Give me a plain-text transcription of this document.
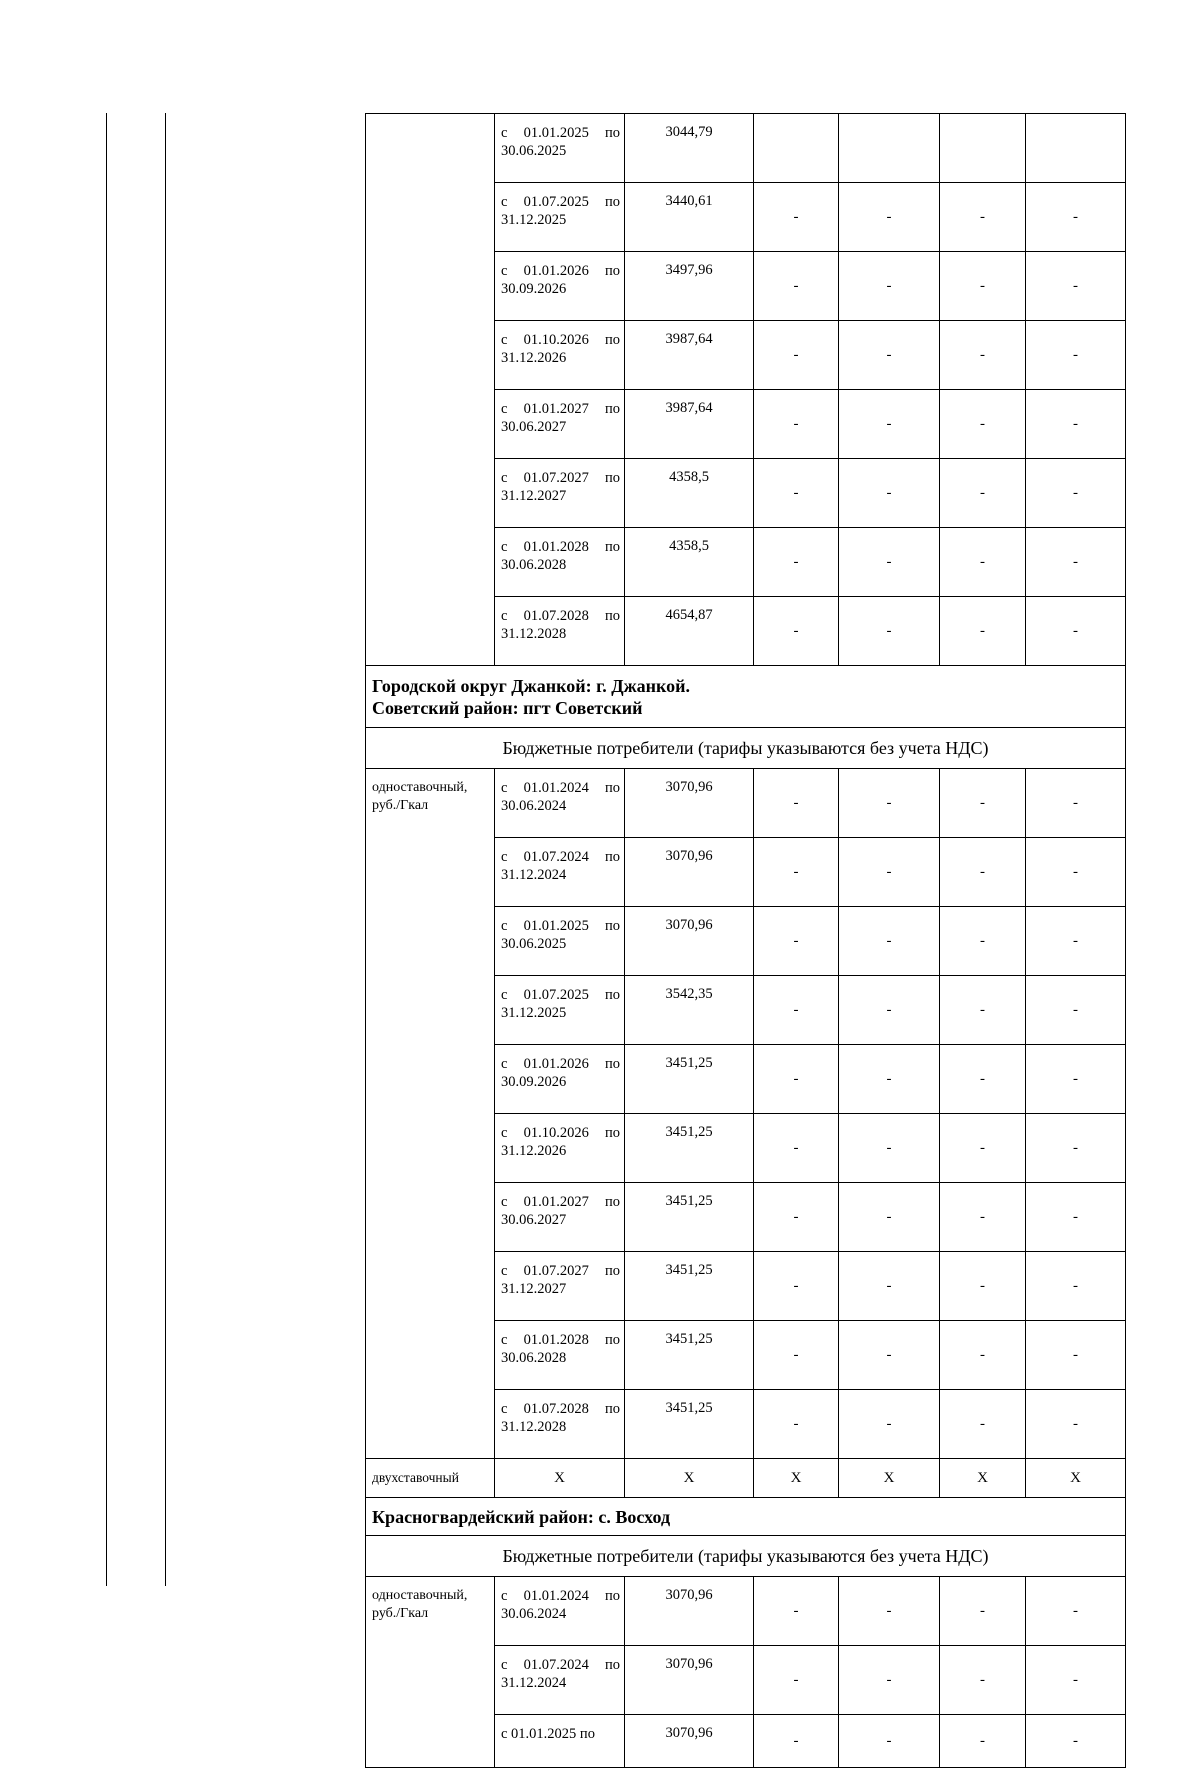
	с 01.01.2025 по 30.06.2025	3044,79				
	с 01.07.2025 по 31.12.2025	3440,61	-	-	-	-
	с 01.01.2026 по 30.09.2026	3497,96	-	-	-	-
	с 01.10.2026 по 31.12.2026	3987,64	-	-	-	-
	с 01.01.2027 по 30.06.2027	3987,64	-	-	-	-
	с 01.07.2027 по 31.12.2027	4358,5	-	-	-	-
	с 01.01.2028 по 30.06.2028	4358,5	-	-	-	-
	с 01.07.2028 по 31.12.2028	4654,87	-	-	-	-

Городской округ Джанкой: г. Джанкой.
Советский район: пгт Советский						

Бюджетные потребители (тарифы указываются без учета НДС)						
одноставочный, руб./Гкал	с 01.01.2024 по 30.06.2024	3070,96	-	-	-	-
	с 01.07.2024 по 31.12.2024	3070,96	-	-	-	-
	с 01.01.2025 по 30.06.2025	3070,96	-	-	-	-
	с 01.07.2025 по 31.12.2025	3542,35	-	-	-	-
	с 01.01.2026 по 30.09.2026	3451,25	-	-	-	-
	с 01.10.2026 по 31.12.2026	3451,25	-	-	-	-
	с 01.01.2027 по 30.06.2027	3451,25	-	-	-	-
	с 01.07.2027 по 31.12.2027	3451,25	-	-	-	-
	с 01.01.2028 по 30.06.2028	3451,25	-	-	-	-
	с 01.07.2028 по 31.12.2028	3451,25	-	-	-	-
двухставочный	X	X	X	X	X	X
Красногвардейский район: с. Восход						
Бюджетные потребители (тарифы указываются без учета НДС)						
одноставочный, руб./Гкал	с 01.01.2024 по 30.06.2024	3070,96	-	-	-	-
	с 01.07.2024 по 31.12.2024	3070,96	-	-	-	-
	с 01.01.2025 по	3070,96	-	-	-	-
